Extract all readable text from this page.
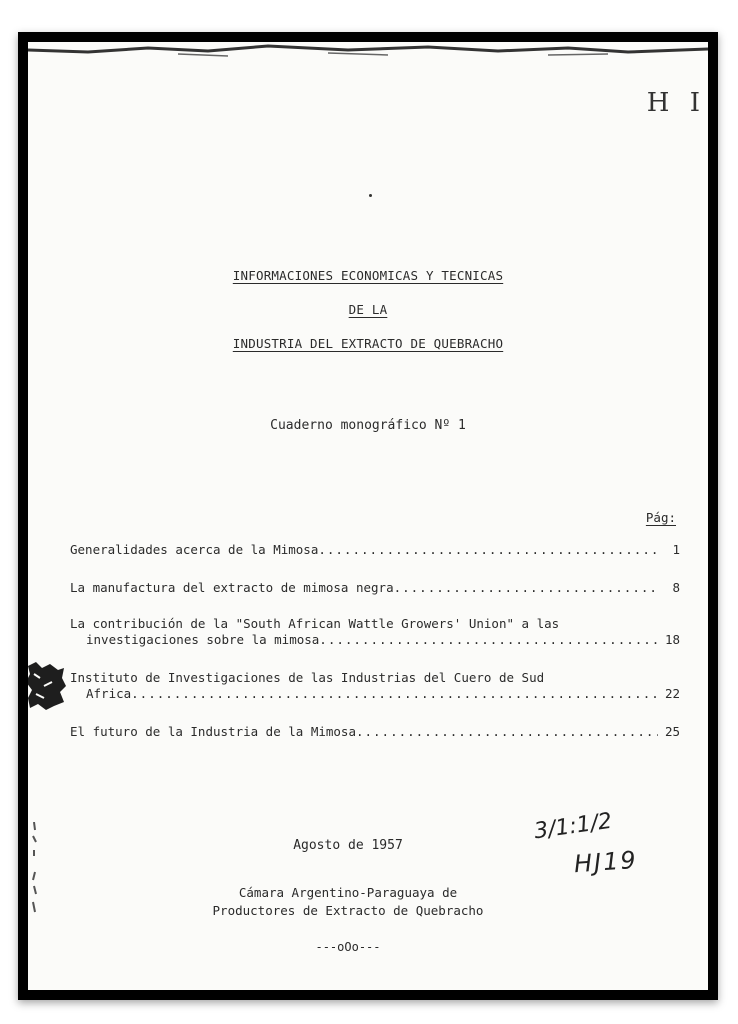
H I
INFORMACIONES ECONOMICAS Y TECNICAS
DE LA
INDUSTRIA DEL EXTRACTO DE QUEBRACHO
Cuaderno monográfico Nº 1
Pág:
Generalidades acerca de la Mimosa .....	1
La manufactura del extracto de mimosa negra .....	8
La contribución de la "South African Wattle Growers' Union" a las
investigaciones sobre la mimosa .....	18
Instituto de Investigaciones de las Industrias del Cuero de Sud
Africa .....	22
El futuro de la Industria de la Mimosa .....	25
3/1:1/2
HJ19
Agosto de 1957
Cámara Argentino-Paraguaya de
Productores de Extracto de Quebracho
---oOo---
